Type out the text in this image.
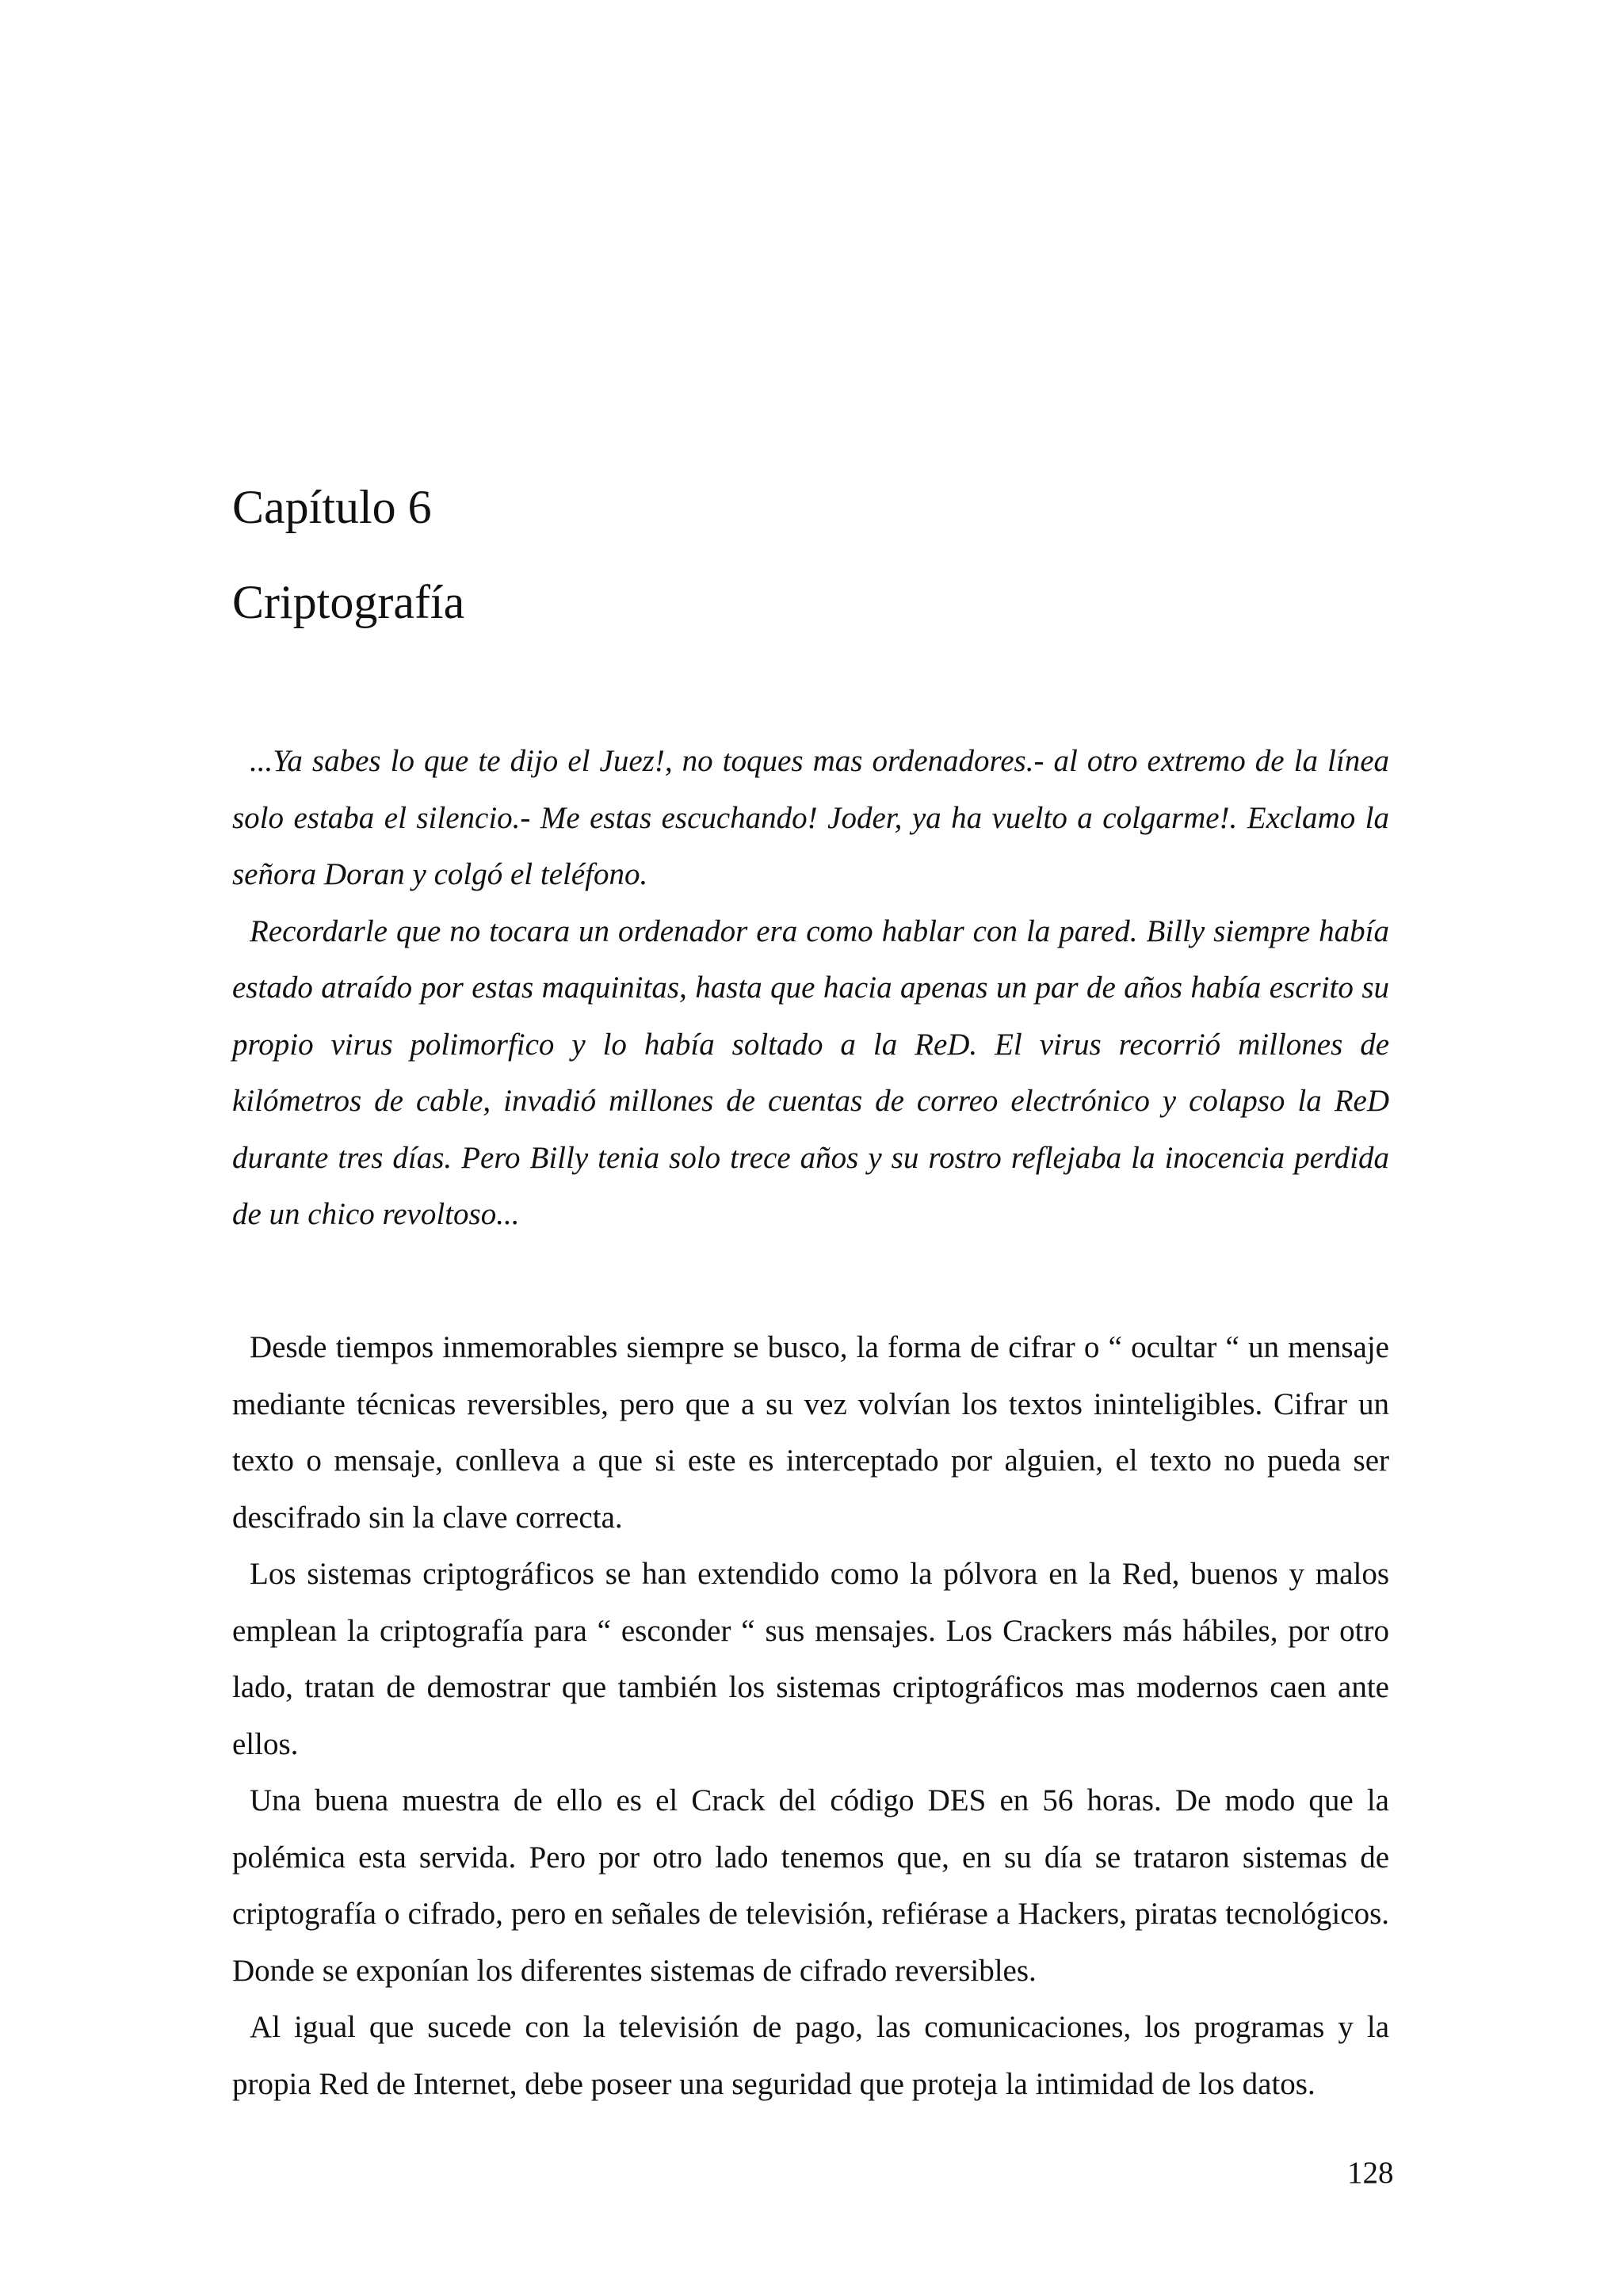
Capítulo 6
Criptografía

...Ya sabes lo que te dijo el Juez!, no toques mas ordenadores.- al otro extremo de la línea solo estaba el silencio.- Me estas escuchando! Joder, ya ha vuelto a colgarme!. Exclamo la señora Doran y colgó el teléfono.

Recordarle que no tocara un ordenador era como hablar con la pared. Billy siempre había estado atraído por estas maquinitas, hasta que hacia apenas un par de años había escrito su propio virus polimorfico y lo había soltado a la ReD. El virus recorrió millones de kilómetros de cable, invadió millones de cuentas de correo electrónico y colapso la ReD durante tres días. Pero Billy tenia solo trece años y su rostro reflejaba la inocencia perdida de un chico revoltoso...

Desde tiempos inmemorables siempre se busco, la forma de cifrar o “ ocultar “ un mensaje mediante técnicas reversibles, pero que a su vez volvían los textos ininteligibles. Cifrar un texto o mensaje, conlleva a que si este es interceptado por alguien, el texto no pueda ser descifrado sin la clave correcta.

Los sistemas criptográficos se han extendido como la pólvora en la Red, buenos y malos emplean la criptografía para “ esconder “ sus mensajes. Los Crackers más hábiles, por otro lado, tratan de demostrar que también los sistemas criptográficos mas modernos caen ante ellos.

Una buena muestra de ello es el Crack del código DES en 56 horas. De modo que la polémica esta servida. Pero por otro lado tenemos que, en su día se trataron sistemas de criptografía o cifrado, pero en señales de televisión, refiérase a Hackers, piratas tecnológicos. Donde se exponían los diferentes sistemas de cifrado reversibles.

Al igual que sucede con la televisión de pago, las comunicaciones, los programas y la propia Red de Internet, debe poseer una seguridad que proteja la intimidad de los datos.

128
